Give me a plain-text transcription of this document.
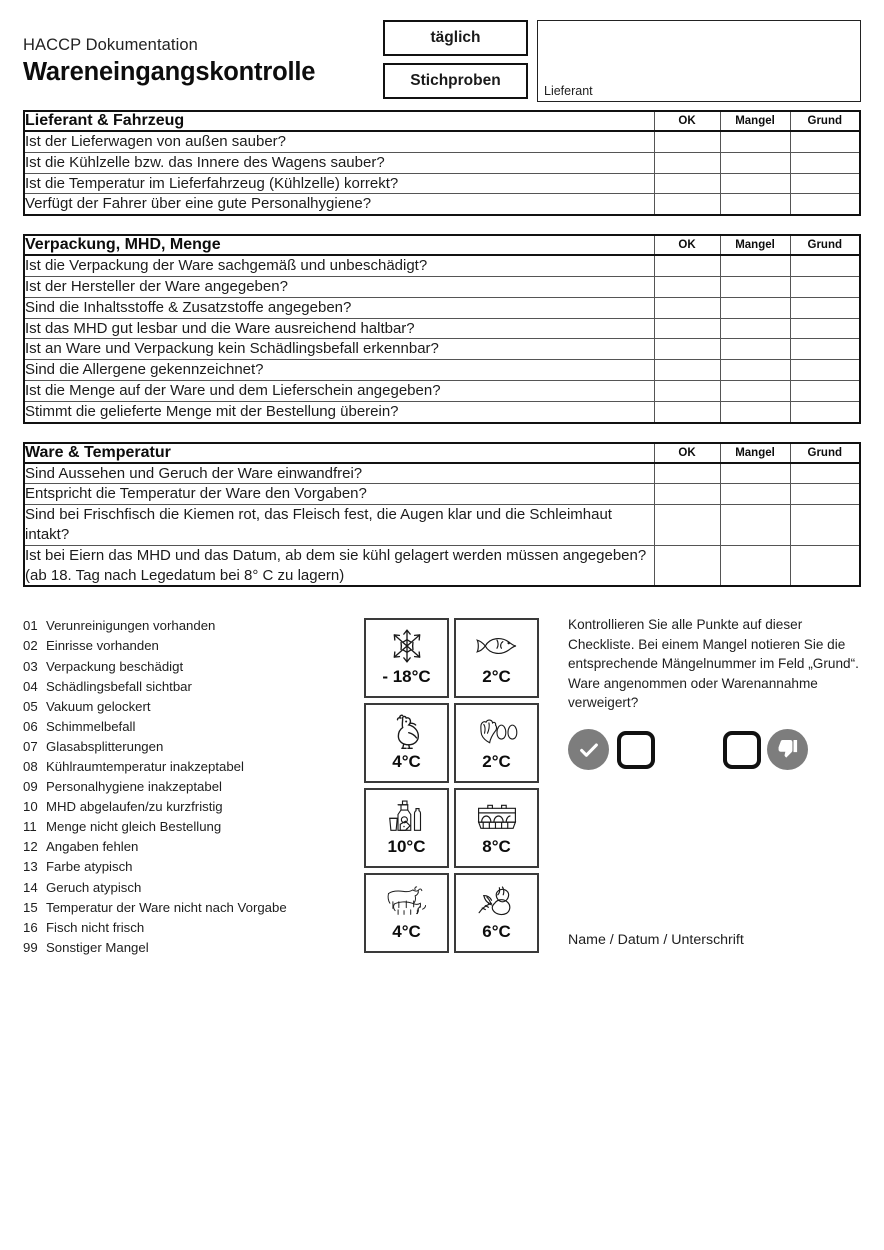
HACCP Dokumentation
Wareneingangskontrolle
täglich
Stichproben
Lieferant
Lieferant & Fahrzeug	OK	Mangel	Grund
Ist der Lieferwagen von außen sauber?			
Ist die Kühlzelle bzw. das Innere des Wagens sauber?			
Ist die Temperatur im Lieferfahrzeug (Kühlzelle) korrekt?			
Verfügt der Fahrer über eine gute Personalhygiene?			
Verpackung, MHD, Menge	OK	Mangel	Grund
Ist die Verpackung der Ware sachgemäß und unbeschädigt?			
Ist der Hersteller der Ware angegeben?			
Sind die Inhaltsstoffe & Zusatzstoffe angegeben?			
Ist das MHD gut lesbar und die Ware ausreichend haltbar?			
Ist an Ware und Verpackung kein Schädlingsbefall erkennbar?			
Sind die Allergene gekennzeichnet?			
Ist die Menge auf der Ware und dem Lieferschein angegeben?			
Stimmt die gelieferte Menge mit der Bestellung überein?			
Ware & Temperatur	OK	Mangel	Grund
Sind Aussehen und Geruch der Ware einwandfrei?			
Entspricht die Temperatur der Ware den Vorgaben?			
Sind bei Frischfisch die Kiemen rot, das Fleisch fest, die Augen klar und die Schleimhaut intakt?			
Ist bei Eiern das MHD und das Datum, ab dem sie kühl gelagert werden müssen angegeben? (ab 18. Tag nach Legedatum bei 8° C zu lagern)			
01 Verunreinigungen vorhanden
02 Einrisse vorhanden
03 Verpackung beschädigt
04 Schädlingsbefall sichtbar
05 Vakuum gelockert
06 Schimmelbefall
07 Glasabsplitterungen
08 Kühlraumtemperatur inakzeptabel
09 Personalhygiene inakzeptabel
10 MHD abgelaufen/zu kurzfristig
11 Menge nicht gleich Bestellung
12 Angaben fehlen
13 Farbe atypisch
14 Geruch atypisch
15 Temperatur der Ware nicht nach Vorgabe
16 Fisch nicht frisch
99 Sonstiger Mangel
- 18°C	2°C
4°C	2°C
10°C	8°C
4°C	6°C
Kontrollieren Sie alle Punkte auf dieser Checkliste. Bei einem Mangel notieren Sie die entsprechende Mängelnummer im Feld „Grund“. Ware angenommen oder Warenannahme verweigert?
Name / Datum / Unterschrift
